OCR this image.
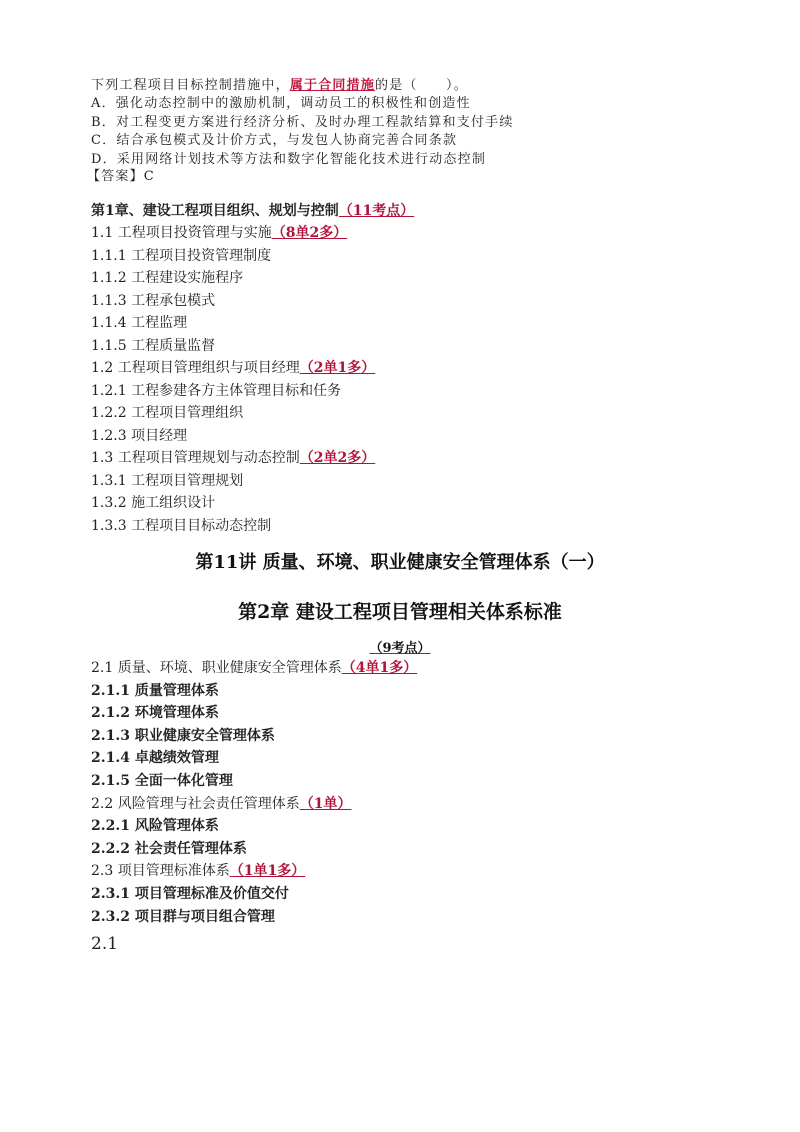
下列工程项目目标控制措施中，属于合同措施的是（　　）。
A．强化动态控制中的激励机制，调动员工的积极性和创造性
B．对工程变更方案进行经济分析、及时办理工程款结算和支付手续
C．结合承包模式及计价方式，与发包人协商完善合同条款
D．采用网络计划技术等方法和数字化智能化技术进行动态控制
【答案】C
第1章、建设工程项目组织、规划与控制（11考点）
1.1 工程项目投资管理与实施（8单2多）
1.1.1 工程项目投资管理制度
1.1.2 工程建设实施程序
1.1.3 工程承包模式
1.1.4 工程监理
1.1.5 工程质量监督
1.2 工程项目管理组织与项目经理（2单1多）
1.2.1 工程参建各方主体管理目标和任务
1.2.2 工程项目管理组织
1.2.3 项目经理
1.3 工程项目管理规划与动态控制（2单2多）
1.3.1 工程项目管理规划
1.3.2 施工组织设计
1.3.3 工程项目目标动态控制
第11讲 质量、环境、职业健康安全管理体系（一）
第2章 建设工程项目管理相关体系标准
（9考点）
2.1 质量、环境、职业健康安全管理体系（4单1多）
2.1.1 质量管理体系
2.1.2 环境管理体系
2.1.3 职业健康安全管理体系
2.1.4 卓越绩效管理
2.1.5 全面一体化管理
2.2 风险管理与社会责任管理体系（1单）
2.2.1 风险管理体系
2.2.2 社会责任管理体系
2.3 项目管理标准体系（1单1多）
2.3.1 项目管理标准及价值交付
2.3.2 项目群与项目组合管理
2.1
